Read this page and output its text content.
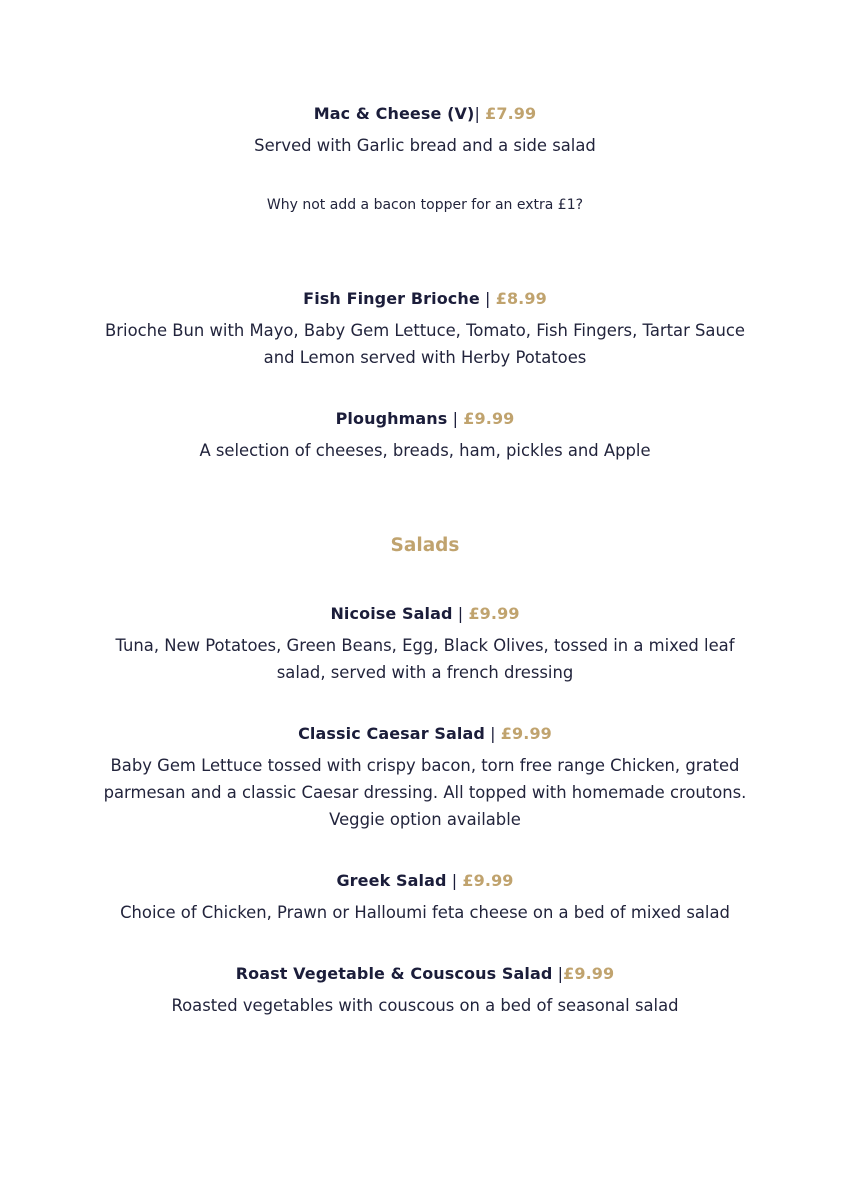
Mac & Cheese (V)| £7.99

Served with Garlic bread and a side salad

Why not add a bacon topper for an extra £1?

Fish Finger Brioche | £8.99

Brioche Bun with Mayo, Baby Gem Lettuce, Tomato, Fish Fingers, Tartar Sauce

and Lemon served with Herby Potatoes

Ploughmans | £9.99

A selection of cheeses, breads, ham, pickles and Apple

Salads

Nicoise Salad | £9.99

Tuna, New Potatoes, Green Beans, Egg, Black Olives, tossed in a mixed leaf

salad, served with a french dressing

Classic Caesar Salad | £9.99

Baby Gem Lettuce tossed with crispy bacon, torn free range Chicken, grated

parmesan and a classic Caesar dressing. All topped with homemade croutons.

Veggie option available

Greek Salad | £9.99

Choice of Chicken, Prawn or Halloumi feta cheese on a bed of mixed salad

Roast Vegetable & Couscous Salad |£9.99

Roasted vegetables with couscous on a bed of seasonal salad
